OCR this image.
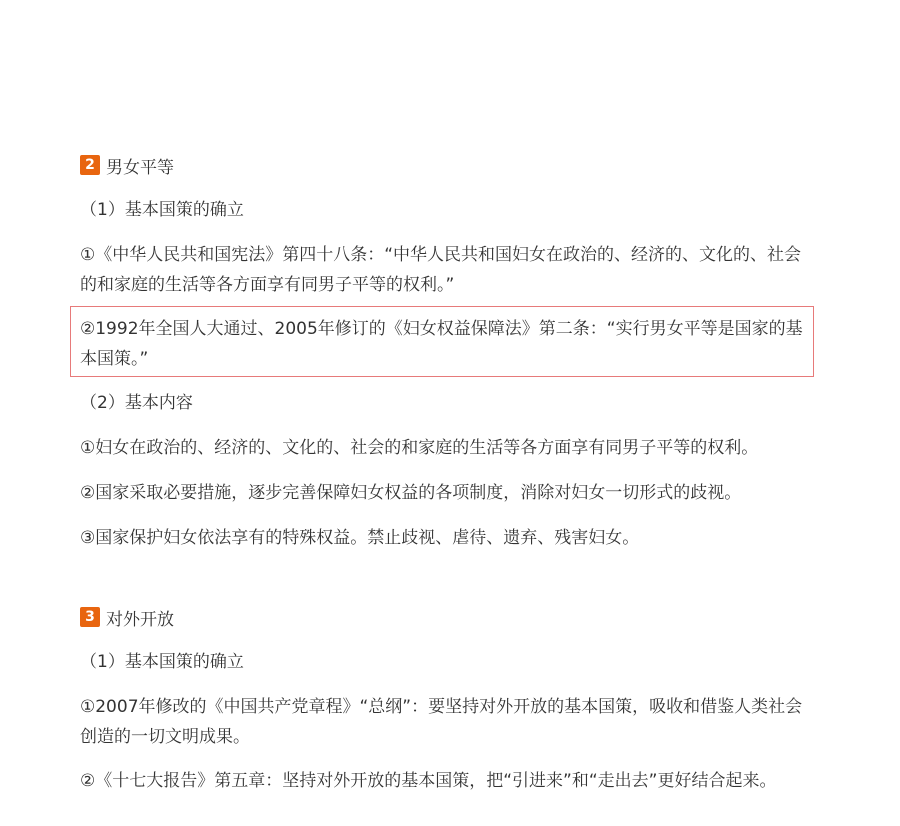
2 男女平等
（1）基本国策的确立
①《中华人民共和国宪法》第四十八条：“中华人民共和国妇女在政治的、经济的、文化的、社会的和家庭的生活等各方面享有同男子平等的权利。”
②1992年全国人大通过、2005年修订的《妇女权益保障法》第二条：“实行男女平等是国家的基本国策。”
（2）基本内容
①妇女在政治的、经济的、文化的、社会的和家庭的生活等各方面享有同男子平等的权利。
②国家采取必要措施，逐步完善保障妇女权益的各项制度，消除对妇女一切形式的歧视。
③国家保护妇女依法享有的特殊权益。禁止歧视、虐待、遗弃、残害妇女。
3 对外开放
（1）基本国策的确立
①2007年修改的《中国共产党章程》“总纲”：要坚持对外开放的基本国策，吸收和借鉴人类社会创造的一切文明成果。
②《十七大报告》第五章：坚持对外开放的基本国策，把“引进来”和“走出去”更好结合起来。
